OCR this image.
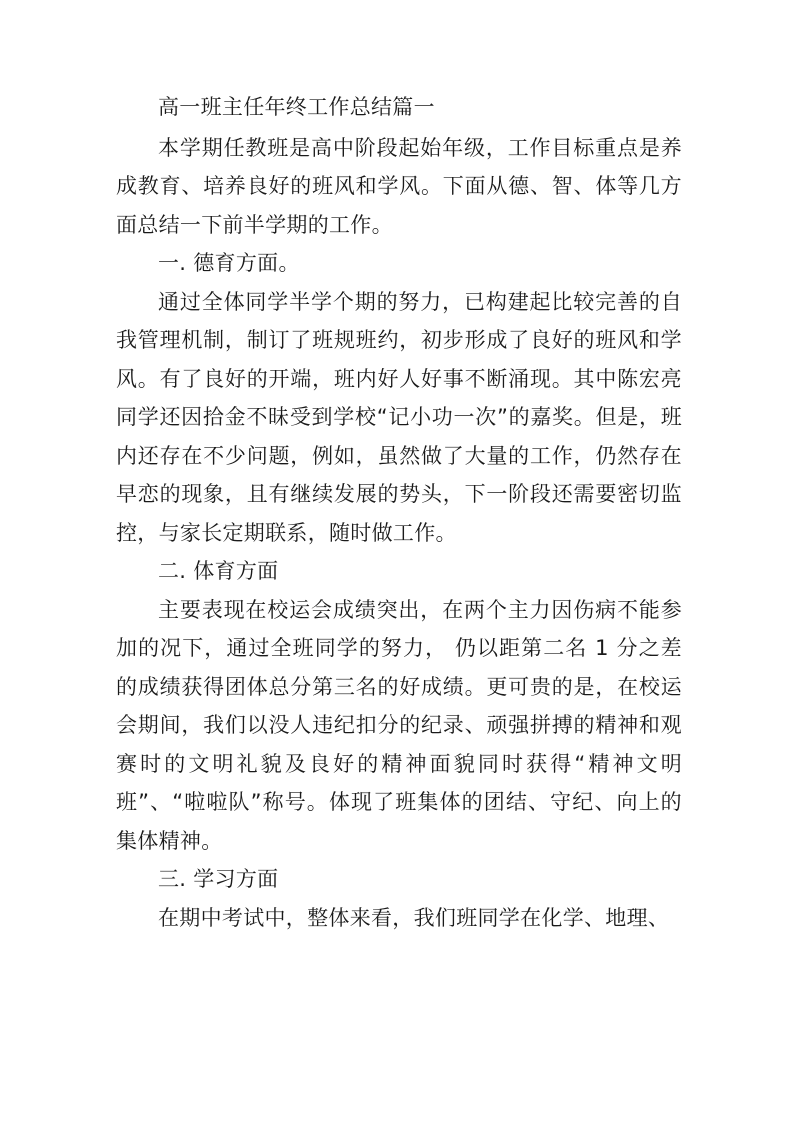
高一班主任年终工作总结篇一

本学期任教班是高中阶段起始年级，工作目标重点是养成教育、培养良好的班风和学风。下面从德、智、体等几方面总结一下前半学期的工作。

一. 德育方面。

通过全体同学半学个期的努力，已构建起比较完善的自我管理机制，制订了班规班约，初步形成了良好的班风和学风。有了良好的开端，班内好人好事不断涌现。其中陈宏亮同学还因拾金不昧受到学校“记小功一次”的嘉奖。但是，班内还存在不少问题，例如，虽然做了大量的工作，仍然存在早恋的现象，且有继续发展的势头，下一阶段还需要密切监控，与家长定期联系，随时做工作。

二. 体育方面

主要表现在校运会成绩突出，在两个主力因伤病不能参加的况下，通过全班同学的努力， 仍以距第二名 1 分之差的成绩获得团体总分第三名的好成绩。更可贵的是，在校运会期间，我们以没人违纪扣分的纪录、顽强拼搏的精神和观赛时的文明礼貌及良好的精神面貌同时获得“精神文明班”、“啦啦队”称号。体现了班集体的团结、守纪、向上的集体精神。

三. 学习方面

在期中考试中，整体来看，我们班同学在化学、地理、
